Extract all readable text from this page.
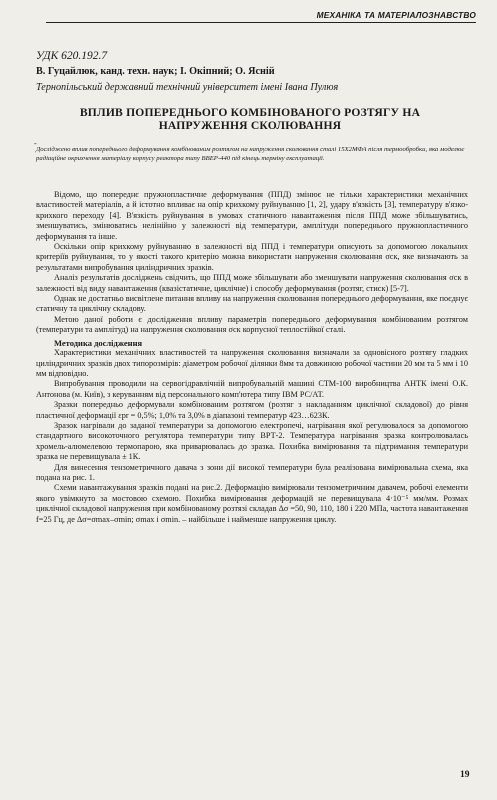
МЕХАНІКА ТА МАТЕРІАЛОЗНАВСТВО
УДК 620.192.7
В. Гуцайлюк, канд. техн. наук; І. Окіпний; О. Ясній
Тернопільський державний технічний університет імені Івана Пулюя
ВПЛИВ ПОПЕРЕДНЬОГО КОМБІНОВАНОГО РОЗТЯГУ НА
НАПРУЖЕННЯ СКОЛЮВАННЯ
‑
Досліджено вплив попереднього деформування комбінованим розтягом на напруження сколювання сталі 15Х2МФА після термообробки, яка моделює радіаційне окрихчення матеріалу корпусу реактора типу ВВЕР-440 під кінець терміну експлуатації.

Відомо, що попереднє пружнопластичне деформування (ППД) змінює не тільки характеристики механічних властивостей матеріалів, а й істотно впливає на опір крихкому руйнуванню [1, 2], удару в'язкість [3], температуру в'язко-крихкого переходу [4]. В'язкість руйнування в умовах статичного навантаження після ППД може збільшуватись, зменшуватись, змінюватись нелінійно у залежності від температури, амплітуди попереднього пружнопластичного деформування та інше.

Оскільки опір крихкому руйнуванню в залежності від ППД і температури описують за допомогою локальних критеріїв руйнування, то у якості такого критерію можна використати напруження сколювання σск, яке визначають за результатами випробування циліндричних зразків.

Аналіз результатів досліджень свідчить, що ППД може збільшувати або зменшувати напруження сколювання σск в залежності від виду навантаження (квазістатичне, циклічне) і способу деформування (розтяг, стиск) [5-7].

Однак не достатньо висвітлене питання впливу на напруження сколювання попереднього деформування, яке поєднує статичну та циклічну складову.

Метою даної роботи є дослідження впливу параметрів попереднього деформування комбінованим розтягом (температури та амплітуд) на напруження сколювання σск корпусної теплостійкої сталі.

Методика дослідження

Характеристики механічних властивостей та напруження сколювання визначали за одновісного розтягу гладких циліндричних зразків двох типорозмірів: діаметром робочої ділянки 8мм та довжиною робочої частини 20 мм та 5 мм і 10 мм відповідно.

Випробування проводили на сервогідравлічній випробувальній машині СТМ-100 виробництва АНТК імені О.К. Антонова (м. Київ), з керуванням від персонального комп'ютера типу ІВМ РС/АТ.

Зразки попередньо деформували комбінованим розтягом (розтяг з накладанням циклічної складової) до рівня пластичної деформації εpr = 0,5%; 1,0% та 3,0% в діапазоні температур 423…623К.

Зразок нагрівали до заданої температури за допомогою електропечі, нагрівання якої регулювалося за допомогою стандартного високоточного регулятора температури типу ВРТ-2. Температура нагрівання зразка контролювалась хромель-алюмелевою термопарою, яка приварювалась до зразка. Похибка вимірювання та підтримання температури зразка не перевищувала ± 1К.

Для винесення тензометричного давача з зони дії високої температури була реалізована вимірювальна схема, яка подана на рис. 1.

Схеми навантажування зразків подані на рис.2. Деформацію вимірювали тензометричним давачем, робочі елементи якого увімкнуто за мостовою схемою. Похибка вимірювання деформацій не перевищувала 4·10⁻⁵ мм/мм. Розмах циклічної складової напруження при комбінованому розтязі складав Δσ =50, 90, 110, 180 і 220 МПа, частота навантаження f=25 Гц, де Δσ=σmax–σmin; σmax і σmin. – найбільше і найменше напруження циклу.

19
